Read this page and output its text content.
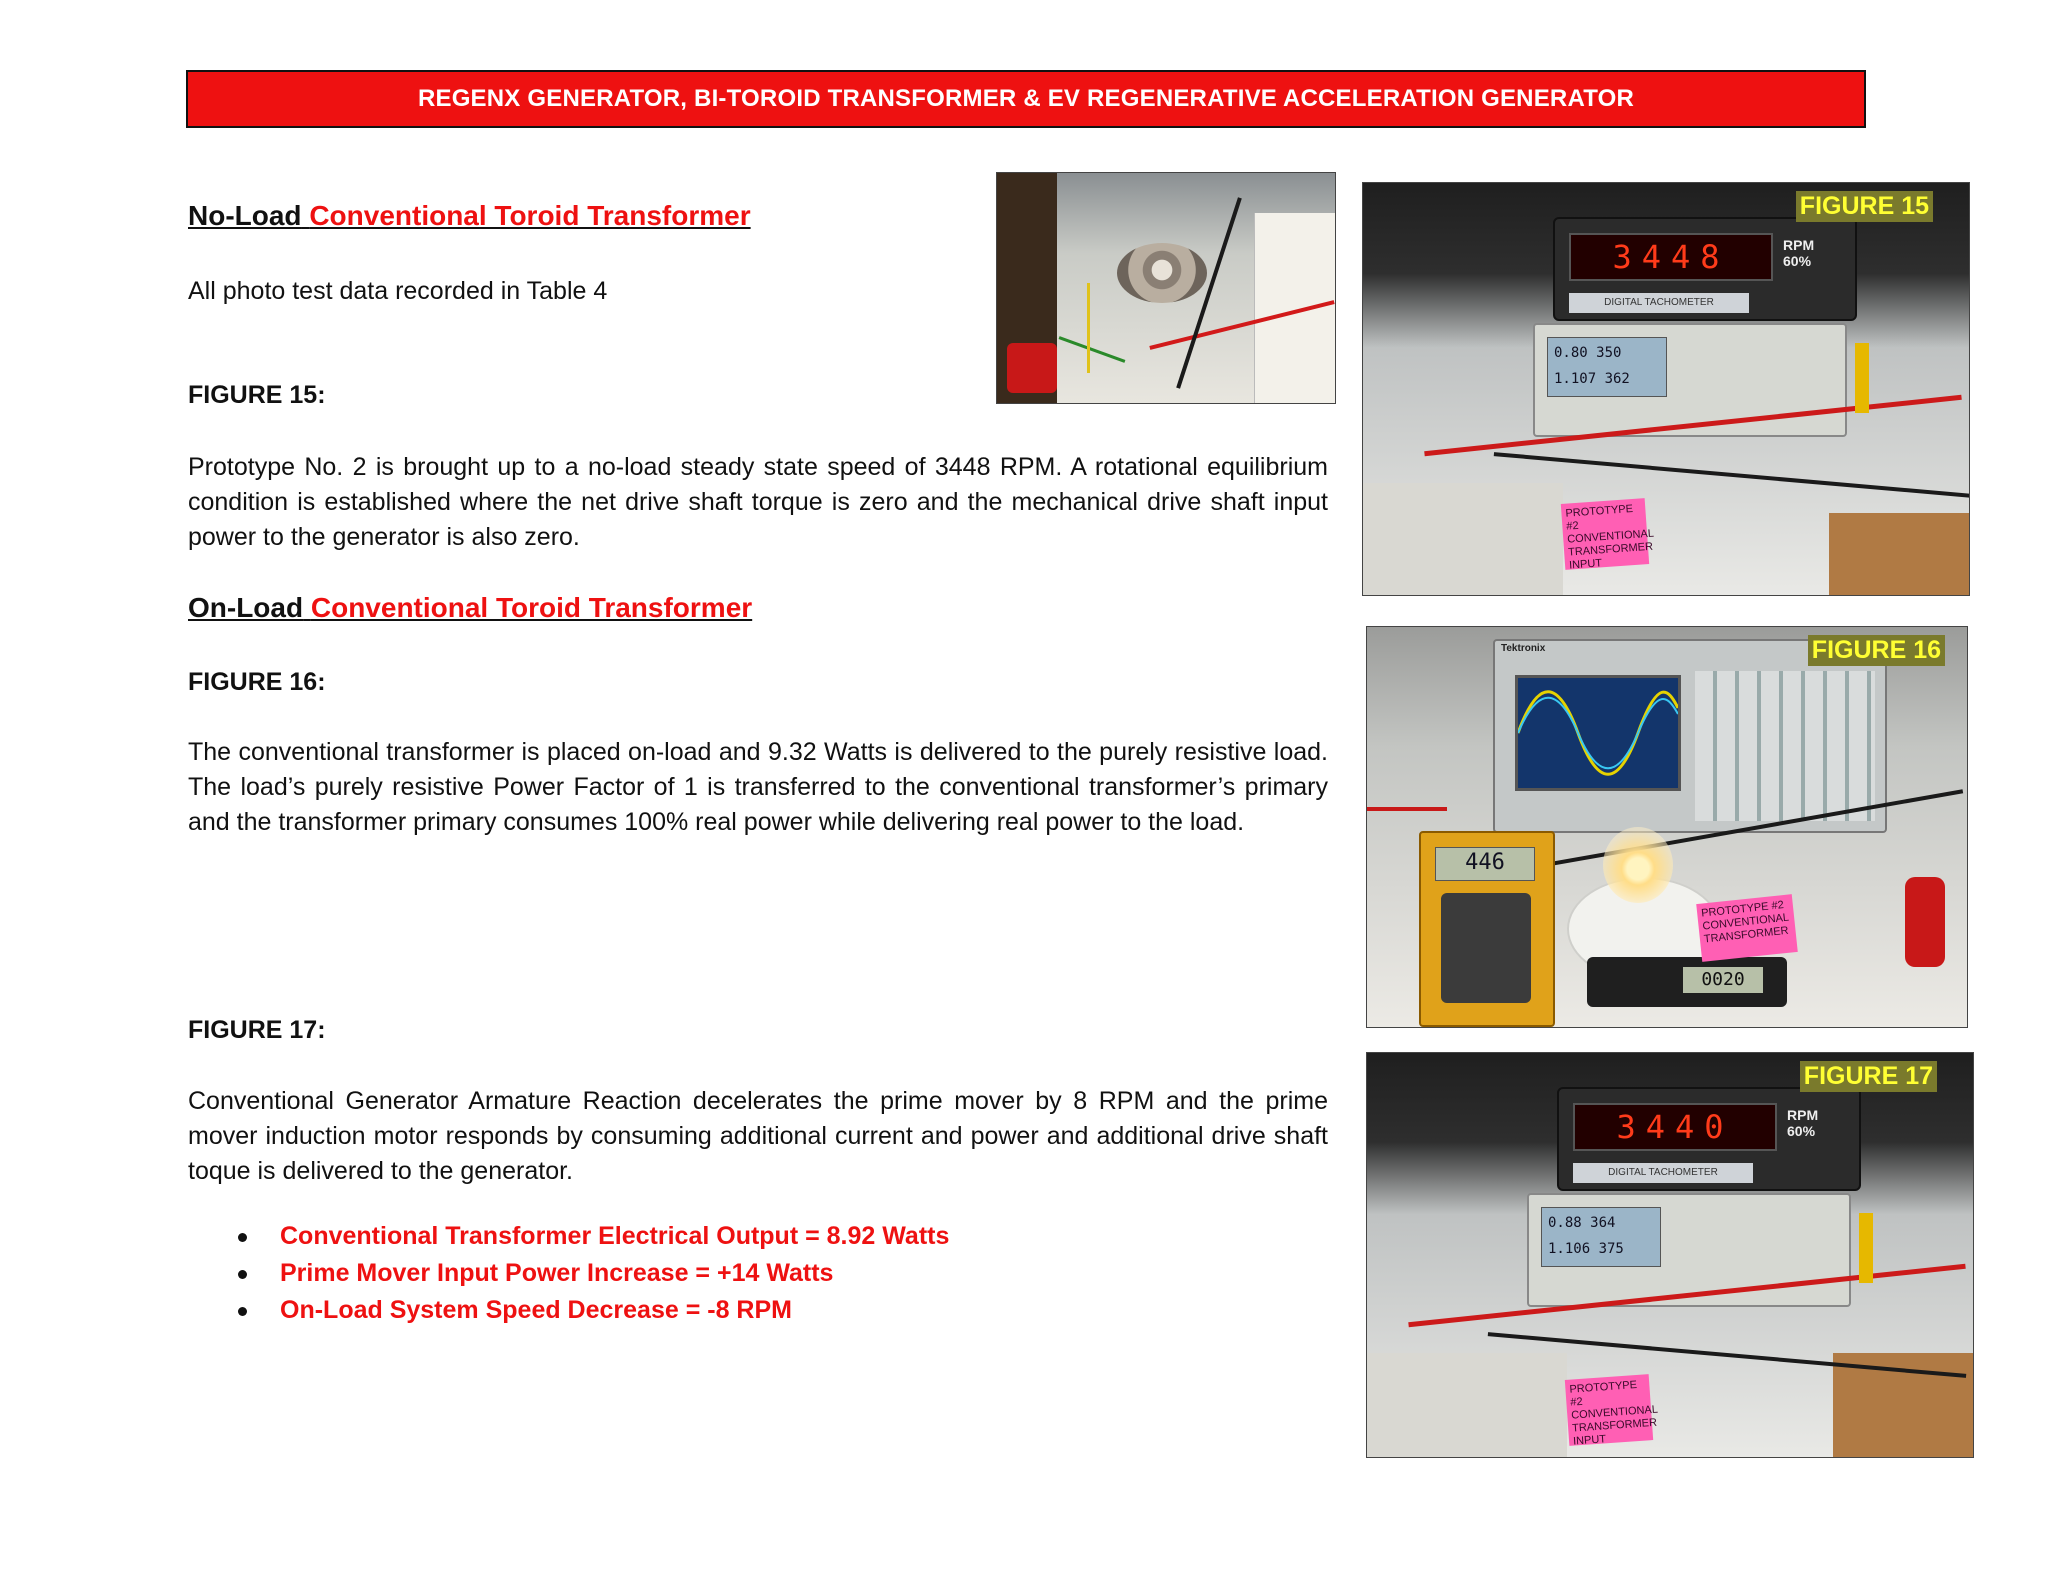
REGENX GENERATOR, BI-TOROID TRANSFORMER & EV REGENERATIVE ACCELERATION GENERATOR
No-Load Conventional Toroid Transformer
All photo test data recorded in Table 4
FIGURE 15:
Prototype No. 2 is brought up to a no-load steady state speed of 3448 RPM. A rotational equilibrium condition is established where the net drive shaft torque is zero and the mechanical drive shaft input power to the generator is also zero.
On-Load Conventional Toroid Transformer
FIGURE 16:
The conventional transformer is placed on-load and 9.32 Watts is delivered to the purely resistive load. The load’s purely resistive Power Factor of 1 is transferred to the conventional transformer’s primary and the transformer primary consumes 100% real power while delivering real power to the load.
FIGURE 17:
Conventional Generator Armature Reaction decelerates the prime mover by 8 RPM and the prime mover induction motor responds by consuming additional current and power and additional drive shaft toque is delivered to the generator.
Conventional Transformer Electrical Output = 8.92 Watts
Prime Mover Input Power Increase = +14 Watts
On-Load System Speed Decrease = -8 RPM
3448	RPM
60%
DIGITAL TACHOMETER
0.80 350
1.107 362
PROTOTYPE #2 CONVENTIONAL TRANSFORMER INPUT
FIGURE 15
Tektronix
446
0020
PROTOTYPE #2 CONVENTIONAL TRANSFORMER
FIGURE 16
3440	RPM
60%
DIGITAL TACHOMETER
0.88 364
1.106 375
PROTOTYPE #2 CONVENTIONAL TRANSFORMER INPUT
FIGURE 17
